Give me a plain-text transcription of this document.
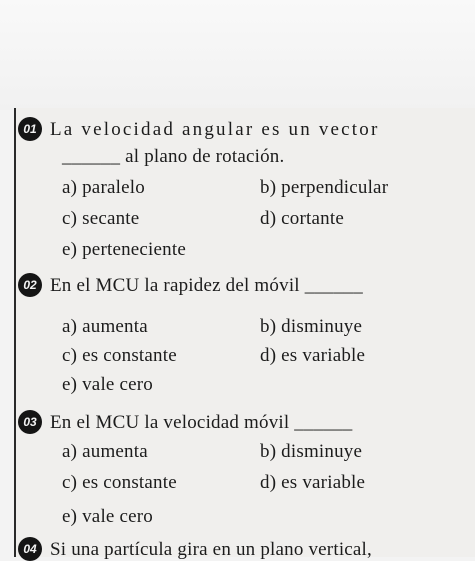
01 La velocidad angular es un vector
______ al plano de rotación.
a) paralelo	b) perpendicular
c) secante	d) cortante
e) perteneciente
02 En el MCU la rapidez del móvil ______
a) aumenta	b) disminuye
c) es constante	d) es variable
e) vale cero
03 En el MCU la velocidad móvil ______
a) aumenta	b) disminuye
c) es constante	d) es variable
e) vale cero
04 Si una partícula gira en un plano vertical,
